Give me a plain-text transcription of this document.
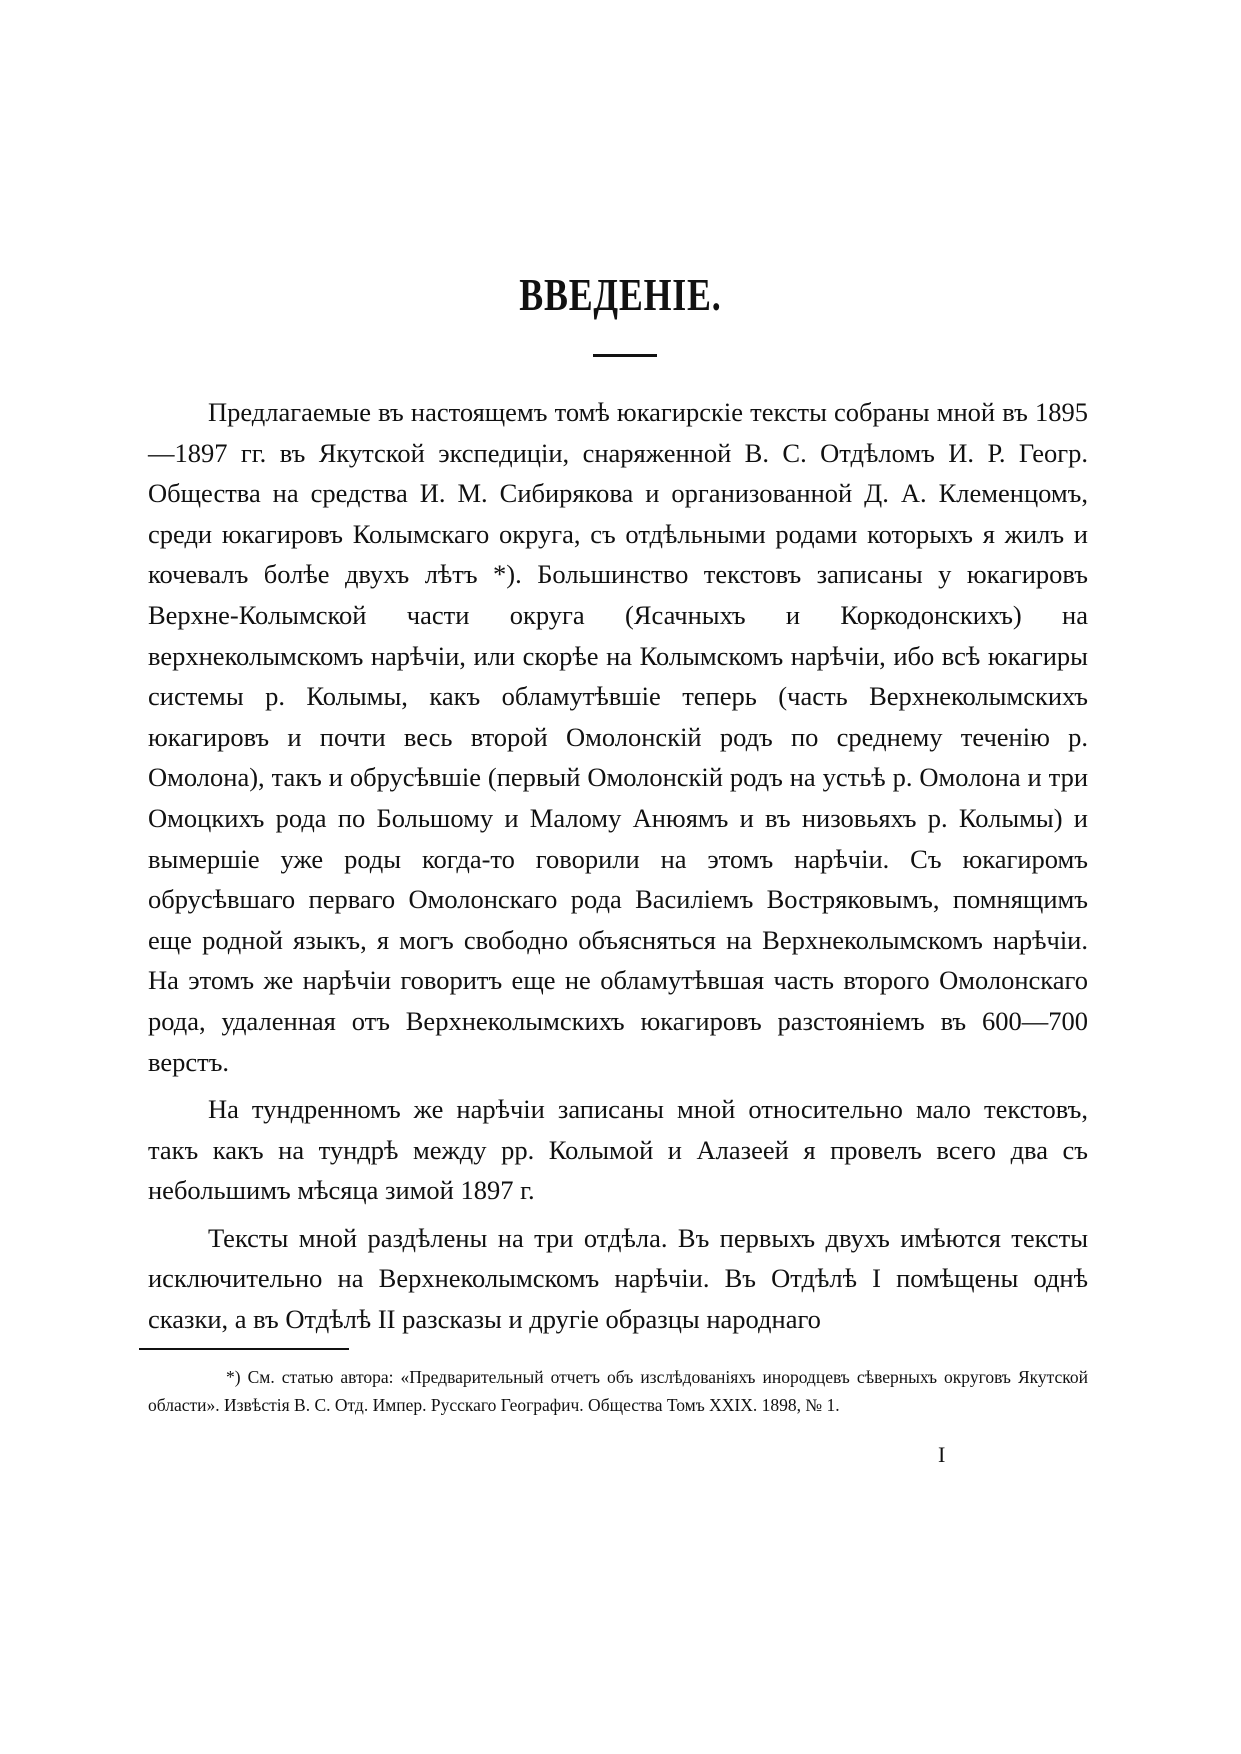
ВВЕДЕНІЕ.

Предлагаемые въ настоящемъ томѣ юкагирскіе тексты собраны мной въ 1895—1897 гг. въ Якутской экспедиціи, снаряженной В. С. Отдѣломъ И. Р. Геогр. Общества на средства И. М. Сибирякова и организованной Д. А. Клеменцомъ, среди юкагировъ Колымскаго округа, съ отдѣльными родами которыхъ я жилъ и кочевалъ болѣе двухъ лѣтъ *). Большинство текстовъ записаны у юкагировъ Верхне-Колымской части округа (Ясачныхъ и Коркодонскихъ) на верхнеколымскомъ нарѣчіи, или скорѣе на Колымскомъ нарѣчіи, ибо всѣ юкагиры системы р. Колымы, какъ обламутѣвшіе теперь (часть Верхнеколымскихъ юкагировъ и почти весь второй Омолонскій родъ по среднему теченію р. Омолона), такъ и обрусѣвшіе (первый Омолонскій родъ на устьѣ р. Омолона и три Омоцкихъ рода по Большому и Малому Анюямъ и въ низовьяхъ р. Колымы) и вымершіе уже роды когда-то говорили на этомъ нарѣчіи. Съ юкагиромъ обрусѣвшаго перваго Омолонскаго рода Василіемъ Востряковымъ, помнящимъ еще родной языкъ, я могъ свободно объясняться на Верхнеколымскомъ нарѣчіи. На этомъ же нарѣчіи говоритъ еще не обламутѣвшая часть второго Омолонскаго рода, удаленная отъ Верхнеколымскихъ юкагировъ разстояніемъ въ 600—700 верстъ.

На тундренномъ же нарѣчіи записаны мной относительно мало текстовъ, такъ какъ на тундрѣ между рр. Колымой и Алазеей я провелъ всего два съ небольшимъ мѣсяца зимой 1897 г.

Тексты мной раздѣлены на три отдѣла. Въ первыхъ двухъ имѣются тексты исключительно на Верхнеколымскомъ нарѣчіи. Въ Отдѣлѣ I помѣщены однѣ сказки, а въ Отдѣлѣ II разсказы и другіе образцы народнаго

*) См. статью автора: «Предварительный отчетъ объ изслѣдованіяхъ инородцевъ сѣверныхъ округовъ Якутской области». Извѣстія В. С. Отд. Импер. Русскаго Географич. Общества Томъ XXIX. 1898, № 1.

I
